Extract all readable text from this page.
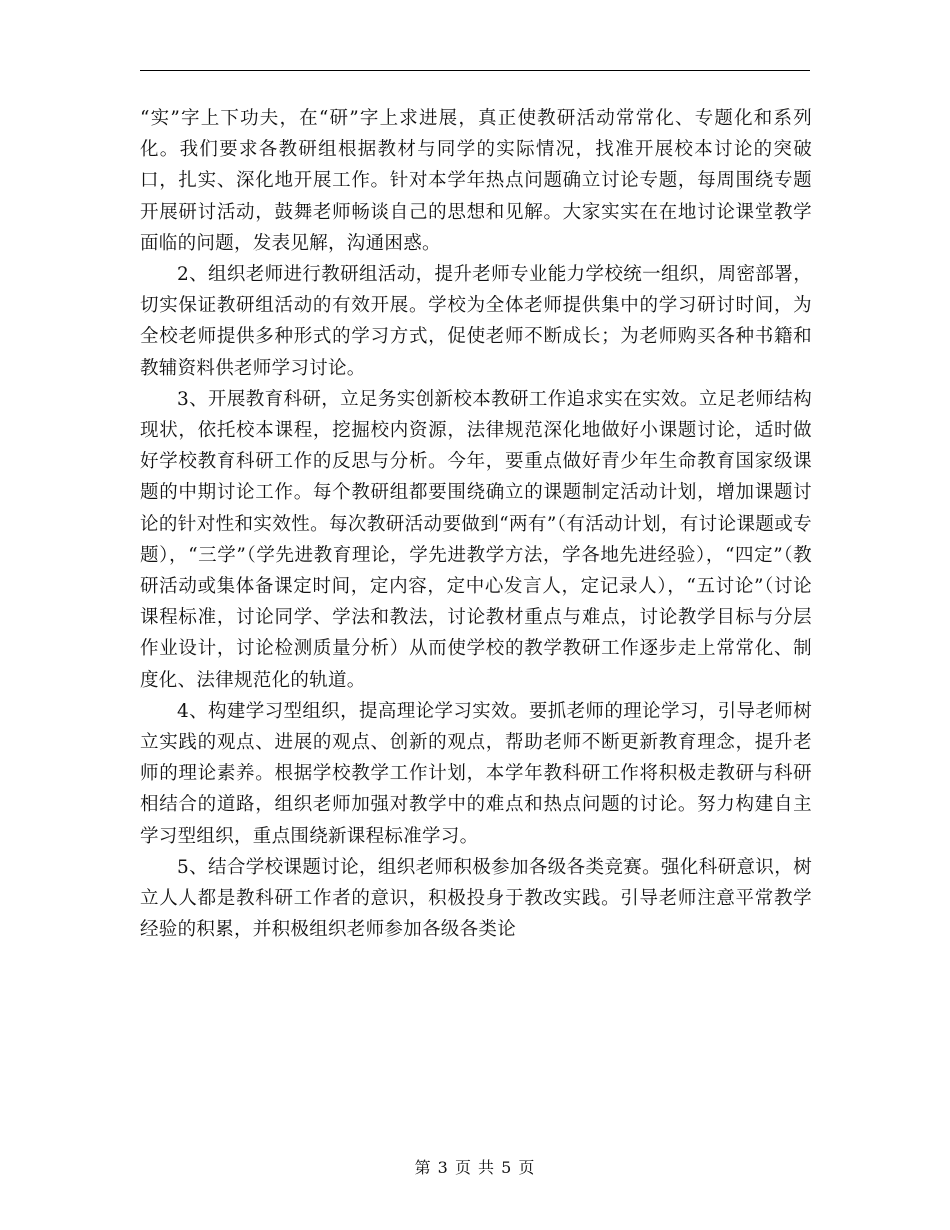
“实”字上下功夫，在“研”字上求进展，真正使教研活动常常化、专题化和系列化。我们要求各教研组根据教材与同学的实际情况，找准开展校本讨论的突破口，扎实、深化地开展工作。针对本学年热点问题确立讨论专题，每周围绕专题开展研讨活动，鼓舞老师畅谈自己的思想和见解。大家实实在在地讨论课堂教学面临的问题，发表见解，沟通困惑。

2、组织老师进行教研组活动，提升老师专业能力学校统一组织，周密部署，切实保证教研组活动的有效开展。学校为全体老师提供集中的学习研讨时间，为全校老师提供多种形式的学习方式，促使老师不断成长；为老师购买各种书籍和教辅资料供老师学习讨论。

3、开展教育科研，立足务实创新校本教研工作追求实在实效。立足老师结构现状，依托校本课程，挖掘校内资源，法律规范深化地做好小课题讨论，适时做好学校教育科研工作的反思与分析。今年，要重点做好青少年生命教育国家级课题的中期讨论工作。每个教研组都要围绕确立的课题制定活动计划，增加课题讨论的针对性和实效性。每次教研活动要做到“两有”（有活动计划，有讨论课题或专题），“三学”（学先进教育理论，学先进教学方法，学各地先进经验），“四定”（教研活动或集体备课定时间，定内容，定中心发言人，定记录人），“五讨论”（讨论课程标准，讨论同学、学法和教法，讨论教材重点与难点，讨论教学目标与分层作业设计，讨论检测质量分析）从而使学校的教学教研工作逐步走上常常化、制度化、法律规范化的轨道。

4、构建学习型组织，提高理论学习实效。要抓老师的理论学习，引导老师树立实践的观点、进展的观点、创新的观点，帮助老师不断更新教育理念，提升老师的理论素养。根据学校教学工作计划，本学年教科研工作将积极走教研与科研相结合的道路，组织老师加强对教学中的难点和热点问题的讨论。努力构建自主学习型组织，重点围绕新课程标准学习。

5、结合学校课题讨论，组织老师积极参加各级各类竞赛。强化科研意识，树立人人都是教科研工作者的意识，积极投身于教改实践。引导老师注意平常教学经验的积累，并积极组织老师参加各级各类论

第 3 页 共 5 页
